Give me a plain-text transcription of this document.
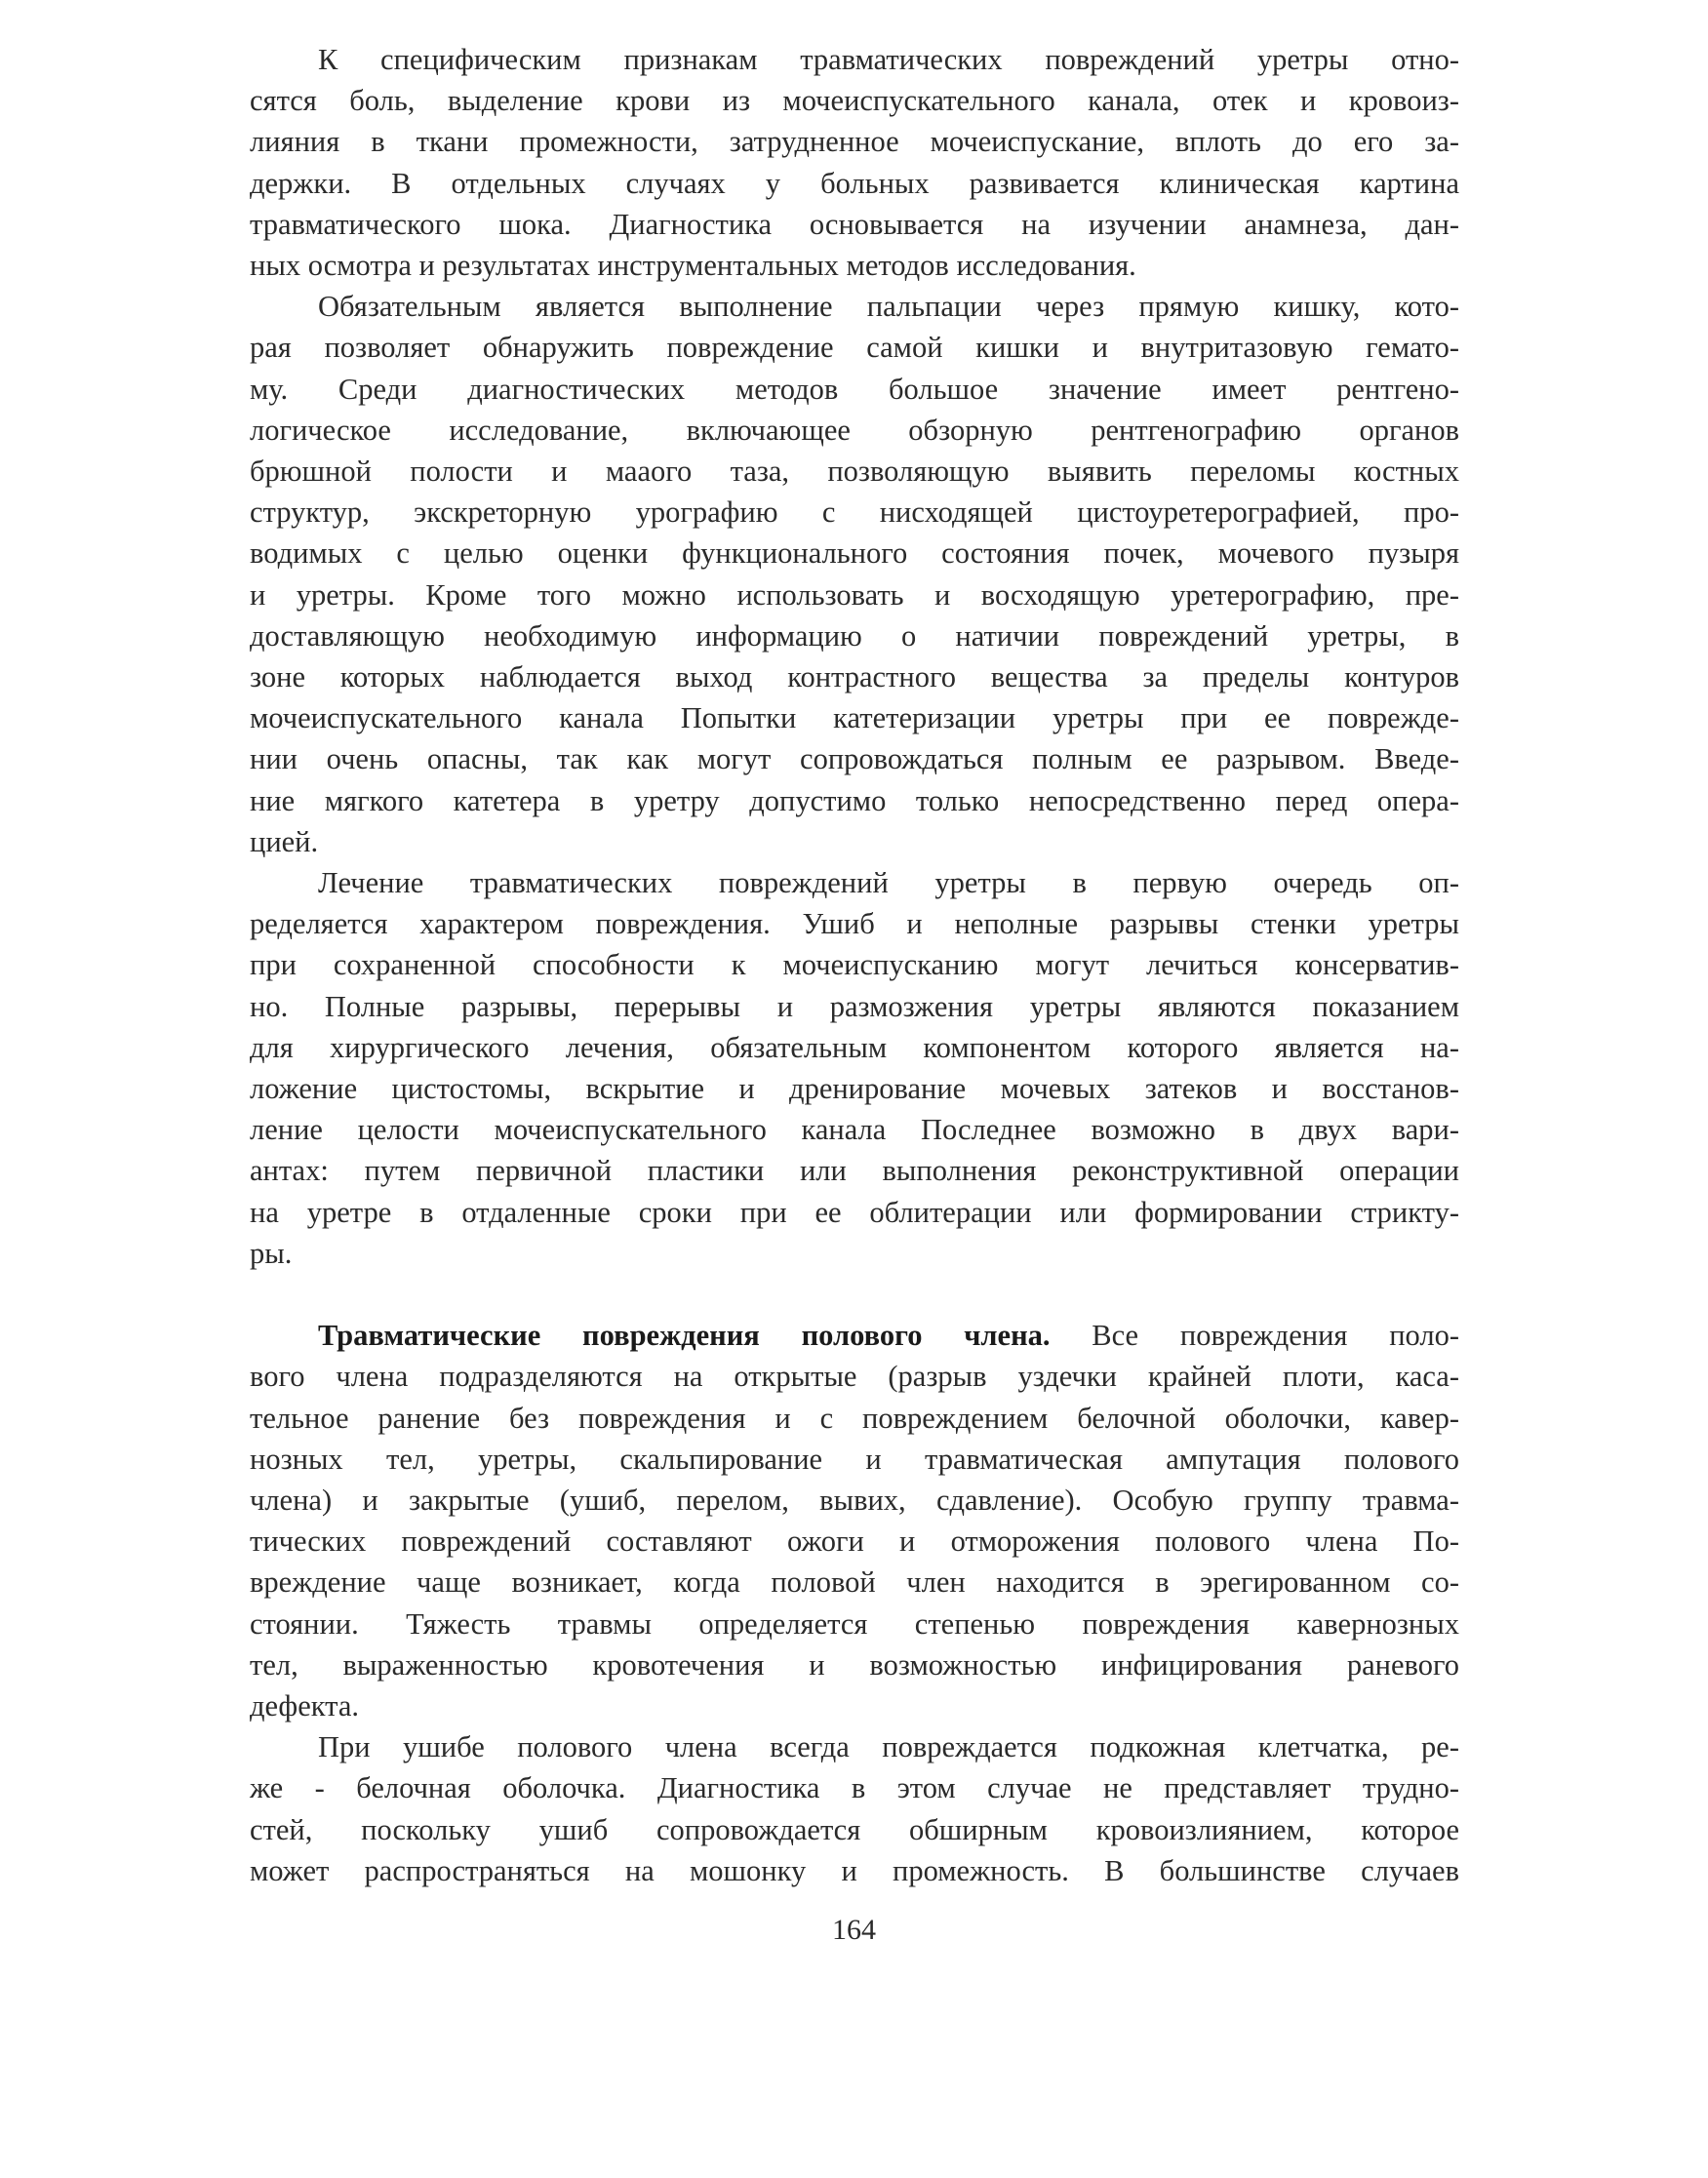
К специфическим признакам травматических повреждений уретры отно-
сятся боль, выделение крови из мочеиспускательного канала, отек и кровоиз-
лияния в ткани промежности, затрудненное мочеиспускание, вплоть до его за-
держки. В отдельных случаях у больных развивается клиническая картина
травматического шока. Диагностика основывается на изучении анамнеза, дан-
ных осмотра и результатах инструментальных методов исследования.
Обязательным является выполнение пальпации через прямую кишку, кото-
рая позволяет обнаружить повреждение самой кишки и внутритазовую гемато-
му. Среди диагностических методов большое значение имеет рентгено-
логическое исследование, включающее обзорную рентгенографию органов
брюшной полости и мааого таза, позволяющую выявить переломы костных
структур, экскреторную урографию с нисходящей цистоуретерографией, про-
водимых с целью оценки функционального состояния почек, мочевого пузыря
и уретры. Кроме того можно использовать и восходящую уретерографию, пре-
доставляющую необходимую информацию о натичии повреждений уретры, в
зоне которых наблюдается выход контрастного вещества за пределы контуров
мочеиспускательного канала Попытки катетеризации уретры при ее поврежде-
нии очень опасны, так как могут сопровождаться полным ее разрывом. Введе-
ние мягкого катетера в уретру допустимо только непосредственно перед опера-
цией.
Лечение травматических повреждений уретры в первую очередь оп-
ределяется характером повреждения. Ушиб и неполные разрывы стенки уретры
при сохраненной способности к мочеиспусканию могут лечиться консерватив-
но. Полные разрывы, перерывы и размозжения уретры являются показанием
для хирургического лечения, обязательным компонентом которого является на-
ложение цистостомы, вскрытие и дренирование мочевых затеков и восстанов-
ление целости мочеиспускательного канала Последнее возможно в двух вари-
антах: путем первичной пластики или выполнения реконструктивной операции
на уретре в отдаленные сроки при ее облитерации или формировании стрикту-
ры.
Травматические повреждения полового члена. Все повреждения поло-
вого члена подразделяются на открытые (разрыв уздечки крайней плоти, каса-
тельное ранение без повреждения и с повреждением белочной оболочки, кавер-
нозных тел, уретры, скальпирование и травматическая ампутация полового
члена) и закрытые (ушиб, перелом, вывих, сдавление). Особую группу травма-
тических повреждений составляют ожоги и отморожения полового члена По-
вреждение чаще возникает, когда половой член находится в эрегированном со-
стоянии. Тяжесть травмы определяется степенью повреждения кавернозных
тел, выраженностью кровотечения и возможностью инфицирования раневого
дефекта.
При ушибе полового члена всегда повреждается подкожная клетчатка, ре-
же - белочная оболочка. Диагностика в этом случае не представляет трудно-
стей, поскольку ушиб сопровождается обширным кровоизлиянием, которое
может распространяться на мошонку и промежность. В большинстве случаев
164
